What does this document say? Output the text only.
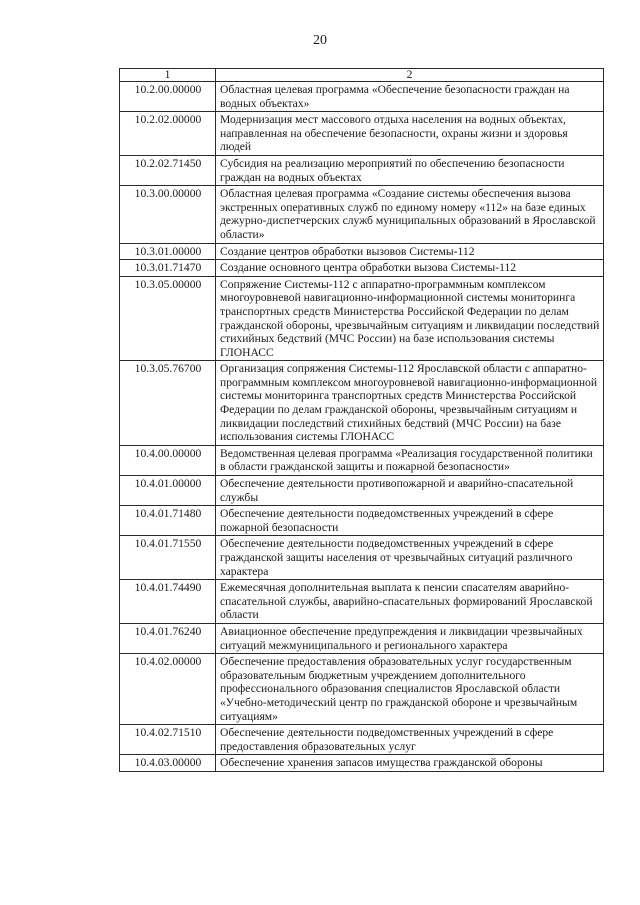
20
1	2
10.2.00.00000	Областная целевая программа «Обеспечение безопасности граждан на водных объектах»
10.2.02.00000	Модернизация мест массового отдыха населения на водных объектах, направленная на обеспечение безопасности, охраны жизни и здоровья людей
10.2.02.71450	Субсидия на реализацию мероприятий по обеспечению безопасности граждан на водных объектах
10.3.00.00000	Областная целевая программа «Создание системы обеспечения вызова экстренных оперативных служб по единому номеру «112» на базе единых дежурно-диспетчерских служб муниципальных образований в Ярославской области»
10.3.01.00000	Создание центров обработки вызовов Системы-112
10.3.01.71470	Создание основного центра обработки вызова Системы-112
10.3.05.00000	Сопряжение Системы-112 с аппаратно-программным комплексом многоуровневой навигационно-информационной системы мониторинга транспортных средств Министерства Российской Федерации по делам гражданской обороны, чрезвычайным ситуациям и ликвидации последствий стихийных бедствий (МЧС России) на базе использования системы ГЛОНАСС
10.3.05.76700	Организация сопряжения Системы-112 Ярославской области с аппаратно-программным комплексом многоуровневой навигационно-информационной системы мониторинга транспортных средств Министерства Российской Федерации по делам гражданской обороны, чрезвычайным ситуациям и ликвидации последствий стихийных бедствий (МЧС России) на базе использования системы ГЛОНАСС
10.4.00.00000	Ведомственная целевая программа «Реализация государственной политики в области гражданской защиты и пожарной безопасности»
10.4.01.00000	Обеспечение деятельности противопожарной и аварийно-спасательной службы
10.4.01.71480	Обеспечение деятельности подведомственных учреждений в сфере пожарной безопасности
10.4.01.71550	Обеспечение деятельности подведомственных учреждений в сфере гражданской защиты населения от чрезвычайных ситуаций различного характера
10.4.01.74490	Ежемесячная дополнительная выплата к пенсии спасателям аварийно-спасательной службы, аварийно-спасательных формирований Ярославской области
10.4.01.76240	Авиационное обеспечение предупреждения и ликвидации чрезвычайных ситуаций межмуниципального и регионального характера
10.4.02.00000	Обеспечение предоставления образовательных услуг государственным образовательным бюджетным учреждением дополнительного профессионального образования специалистов Ярославской области «Учебно-методический центр по гражданской обороне и чрезвычайным ситуациям»
10.4.02.71510	Обеспечение деятельности подведомственных учреждений в сфере предоставления образовательных услуг
10.4.03.00000	Обеспечение хранения запасов имущества гражданской обороны
